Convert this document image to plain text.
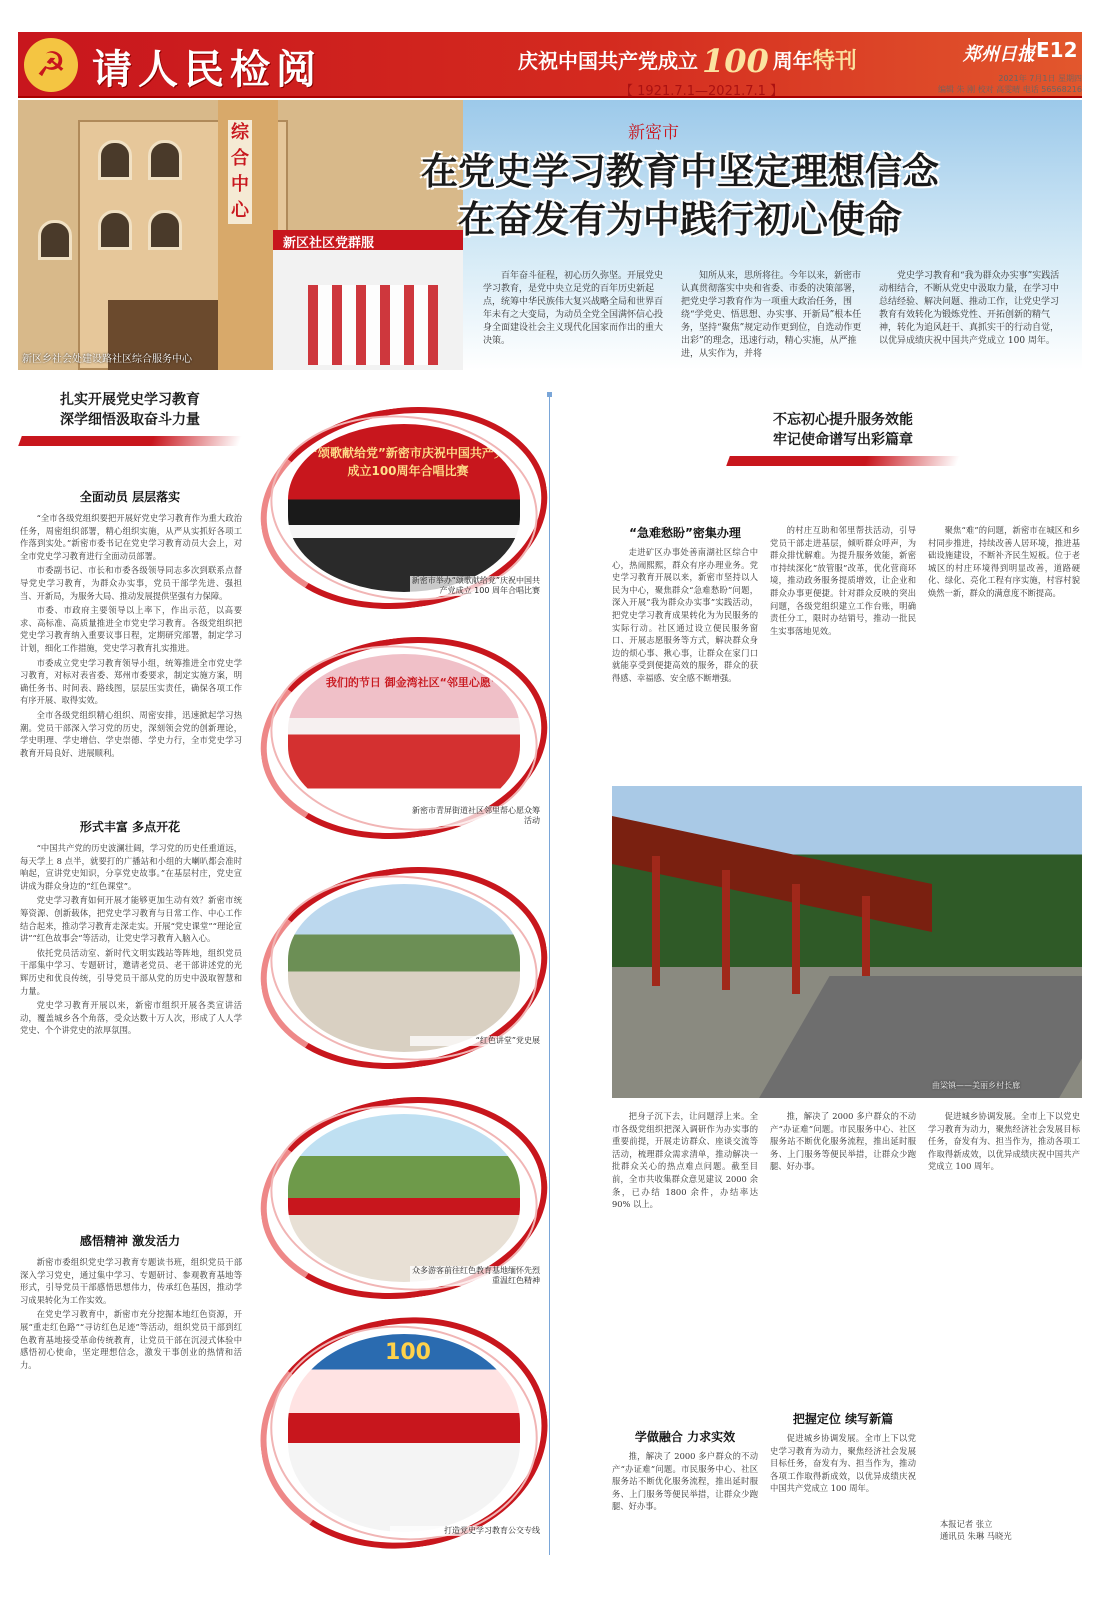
☭ 请人民检阅	庆祝中国共产党成立 100 周年特刊	郑州日报 E12
【 1921.7.1—2021.7.1 】
2021年 7月1日 星期四
编辑 朱 刚 校对 高雯晴 电话 56568216
综合中心
新区社区党群服
新区乡社会处建设路社区综合服务中心
新密市
在党史学习教育中坚定理想信念
在奋发有为中践行初心使命
百年奋斗征程，初心历久弥坚。开展党史学习教育，是党中央立足党的百年历史新起点，统筹中华民族伟大复兴战略全局和世界百年未有之大变局，为动员全党全国满怀信心投身全面建设社会主义现代化国家而作出的重大决策。
知所从来，思所将往。今年以来，新密市认真贯彻落实中央和省委、市委的决策部署，把党史学习教育作为一项重大政治任务，围绕“学党史、悟思想、办实事、开新局”根本任务，坚持“聚焦”规定动作更到位，自选动作更出彩”的理念，迅速行动，精心实施，从严推进，从实作为，并将
党史学习教育和“我为群众办实事”实践活动相结合，不断从党史中汲取力量，在学习中总结经验、解决问题、推动工作，让党史学习教育有效转化为锻炼党性、开拓创新的精气神，转化为追风赶干、真抓实干的行动自觉，以优异成绩庆祝中国共产党成立 100 周年。
扎实开展党史学习教育
深学细悟汲取奋斗力量
全面动员 层层落实

“全市各级党组织要把开展好党史学习教育作为重大政治任务，周密组织部署，精心组织实施，从严从实抓好各项工作落到实处。”新密市委书记在党史学习教育动员大会上，对全市党史学习教育进行全面动员部署。

市委副书记、市长和市委各级领导同志多次到联系点督导党史学习教育，为群众办实事，党员干部学先进、强担当、开新局，为服务大局、推动发展提供坚强有力保障。

市委、市政府主要领导以上率下，作出示范，以高要求、高标准、高质量推进全市党史学习教育。各级党组织把党史学习教育纳入重要议事日程，定期研究部署，制定学习计划，细化工作措施，党史学习教育扎实推进。

市委成立党史学习教育领导小组，统筹推进全市党史学习教育，对标对表省委、郑州市委要求，制定实施方案，明确任务书、时间表、路线图，层层压实责任，确保各项工作有序开展、取得实效。

全市各级党组织精心组织、周密安排，迅速掀起学习热潮。党员干部深入学习党的历史，深刻领会党的创新理论，学史明理、学史增信、学史崇德、学史力行，全市党史学习教育开局良好、进展顺利。

形式丰富 多点开花

“中国共产党的历史波澜壮阔，学习党的历史任重道远，每天学上 8 点半，就要打的广播站和小组的大喇叭都会准时响起，宣讲党史知识，分享党史故事。”在基层村庄，党史宣讲成为群众身边的“红色课堂”。

党史学习教育如何开展才能够更加生动有效？新密市统筹资源、创新载体，把党史学习教育与日常工作、中心工作结合起来，推动学习教育走深走实。开展“党史课堂”“理论宣讲”“红色故事会”等活动，让党史学习教育入脑入心。

依托党员活动室、新时代文明实践站等阵地，组织党员干部集中学习、专题研讨，邀请老党员、老干部讲述党的光辉历史和优良传统，引导党员干部从党的历史中汲取智慧和力量。

党史学习教育开展以来，新密市组织开展各类宣讲活动，覆盖城乡各个角落，受众达数十万人次，形成了人人学党史、个个讲党史的浓厚氛围。

感悟精神 激发活力

新密市委组织党史学习教育专题读书班，组织党员干部深入学习党史，通过集中学习、专题研讨、参观教育基地等形式，引导党员干部感悟思想伟力，传承红色基因，推动学习成果转化为工作实效。

在党史学习教育中，新密市充分挖掘本地红色资源，开展“重走红色路”“寻访红色足迹”等活动，组织党员干部到红色教育基地接受革命传统教育，让党员干部在沉浸式体验中感悟初心使命，坚定理想信念，激发干事创业的热情和活力。

“颂歌献给党”新密市庆祝中国共产党成立100周年合唱比赛
新密市举办“颂歌献给党”庆祝中国共产党成立 100 周年合唱比赛
我们的节日 御金湾社区“邻里心愿”
新密市青屏街道社区邻里帮心愿众筹活动
“红色讲堂”党史展
众多游客前往红色教育基地缅怀先烈重温红色精神
100
打造党史学习教育公交专线
不忘初心提升服务效能
牢记使命谱写出彩篇章
“急难愁盼”密集办理

走进矿区办事处善南湖社区综合中心，热闹熙熙，群众有序办理业务。党史学习教育开展以来，新密市坚持以人民为中心，聚焦群众“急难愁盼”问题，深入开展“我为群众办实事”实践活动，把党史学习教育成果转化为为民服务的实际行动。社区通过设立便民服务窗口、开展志愿服务等方式，解决群众身边的烦心事、揪心事，让群众在家门口就能享受到便捷高效的服务，群众的获得感、幸福感、安全感不断增强。

的村庄互助和邻里帮扶活动，引导党员干部走进基层，倾听群众呼声，为群众排忧解难。为提升服务效能，新密市持续深化“放管服”改革，优化营商环境，推动政务服务提质增效，让企业和群众办事更便捷。针对群众反映的突出问题，各级党组织建立工作台账，明确责任分工，限时办结销号，推动一批民生实事落地见效。

聚焦“难”的问题，新密市在城区和乡村同步推进，持续改善人居环境，推进基础设施建设，不断补齐民生短板。位于老城区的村庄环境得到明显改善，道路硬化、绿化、亮化工程有序实施，村容村貌焕然一新，群众的满意度不断提高。

曲梁镇——美丽乡村长廊

把身子沉下去，让问题浮上来。全市各级党组织把深入调研作为办实事的重要前提，开展走访群众、座谈交流等活动，梳理群众需求清单，推动解决一批群众关心的热点难点问题。截至目前，全市共收集群众意见建议 2000 余条，已办结 1800 余件，办结率达 90% 以上。

学做融合 力求实效

推，解决了 2000 多户群众的不动产“办证难”问题。市民服务中心、社区服务站不断优化服务流程，推出延时服务、上门服务等便民举措，让群众少跑腿、好办事。

推，解决了 2000 多户群众的不动产“办证难”问题。市民服务中心、社区服务站不断优化服务流程，推出延时服务、上门服务等便民举措，让群众少跑腿、好办事。

把握定位 续写新篇

促进城乡协调发展。全市上下以党史学习教育为动力，聚焦经济社会发展目标任务，奋发有为、担当作为，推动各项工作取得新成效，以优异成绩庆祝中国共产党成立 100 周年。

促进城乡协调发展。全市上下以党史学习教育为动力，聚焦经济社会发展目标任务，奋发有为、担当作为，推动各项工作取得新成效，以优异成绩庆祝中国共产党成立 100 周年。

本报记者 张立
通讯员 朱琳 马晓光
